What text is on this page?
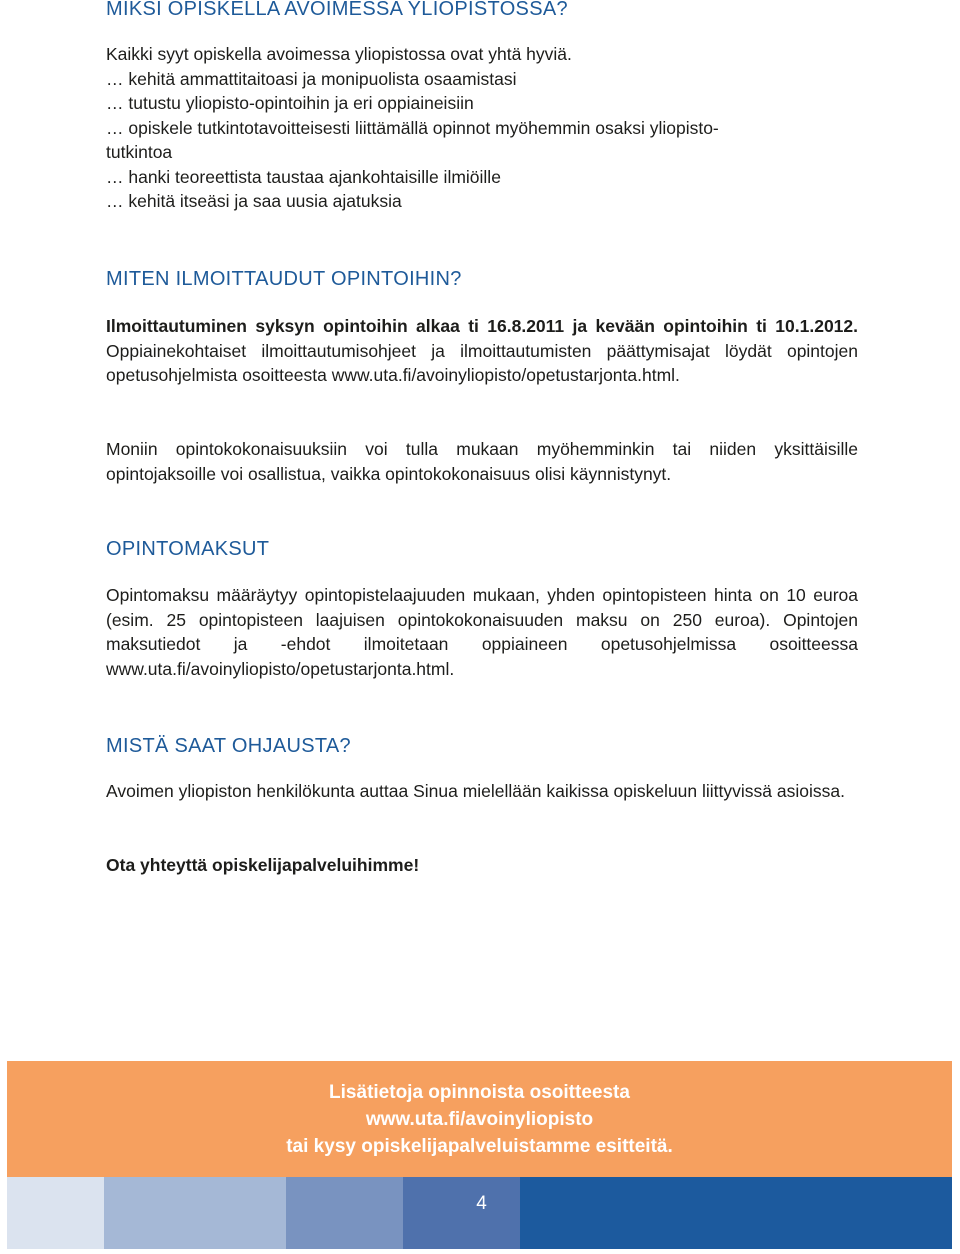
MIKSI OPISKELLA AVOIMESSA YLIOPISTOSSA?

Kaikki syyt opiskella avoimessa yliopistossa ovat yhtä hyviä.

… kehitä ammattitaitoasi ja monipuolista osaamistasi

… tutustu yliopisto-opintoihin ja eri oppiaineisiin

… opiskele tutkintotavoitteisesti liittämällä opinnot myöhemmin osaksi yliopisto-

tutkintoa

… hanki teoreettista taustaa ajankohtaisille ilmiöille

… kehitä itseäsi ja saa uusia ajatuksia

MITEN ILMOITTAUDUT OPINTOIHIN?

Ilmoittautuminen syksyn opintoihin alkaa ti 16.8.2011 ja kevään opintoihin ti 10.1.2012. Oppiainekohtaiset ilmoittautumisohjeet ja ilmoittautumisten päättymisajat löydät opintojen opetusohjelmista osoitteesta www.uta.fi/avoinyliopisto/opetustarjonta.html.

Moniin opintokokonaisuuksiin voi tulla mukaan myöhemminkin tai niiden yksittäisille opintojaksoille voi osallistua, vaikka opintokokonaisuus olisi käynnistynyt.

OPINTOMAKSUT

Opintomaksu määräytyy opintopistelaajuuden mukaan, yhden opintopisteen hinta on 10 euroa (esim. 25 opintopisteen laajuisen opintokokonaisuuden maksu on 250 euroa). Opintojen maksutiedot ja -ehdot ilmoitetaan oppiaineen opetusohjelmissa osoitteessa www.uta.fi/avoinyliopisto/opetustarjonta.html.

MISTÄ SAAT OHJAUSTA?

Avoimen yliopiston henkilökunta auttaa Sinua mielellään kaikissa opiskeluun liittyvissä asioissa.

Ota yhteyttä opiskelijapalveluihimme!

Lisätietoja opinnoista osoitteesta
www.uta.fi/avoinyliopisto
tai kysy opiskelijapalveluistamme esitteitä.
4
